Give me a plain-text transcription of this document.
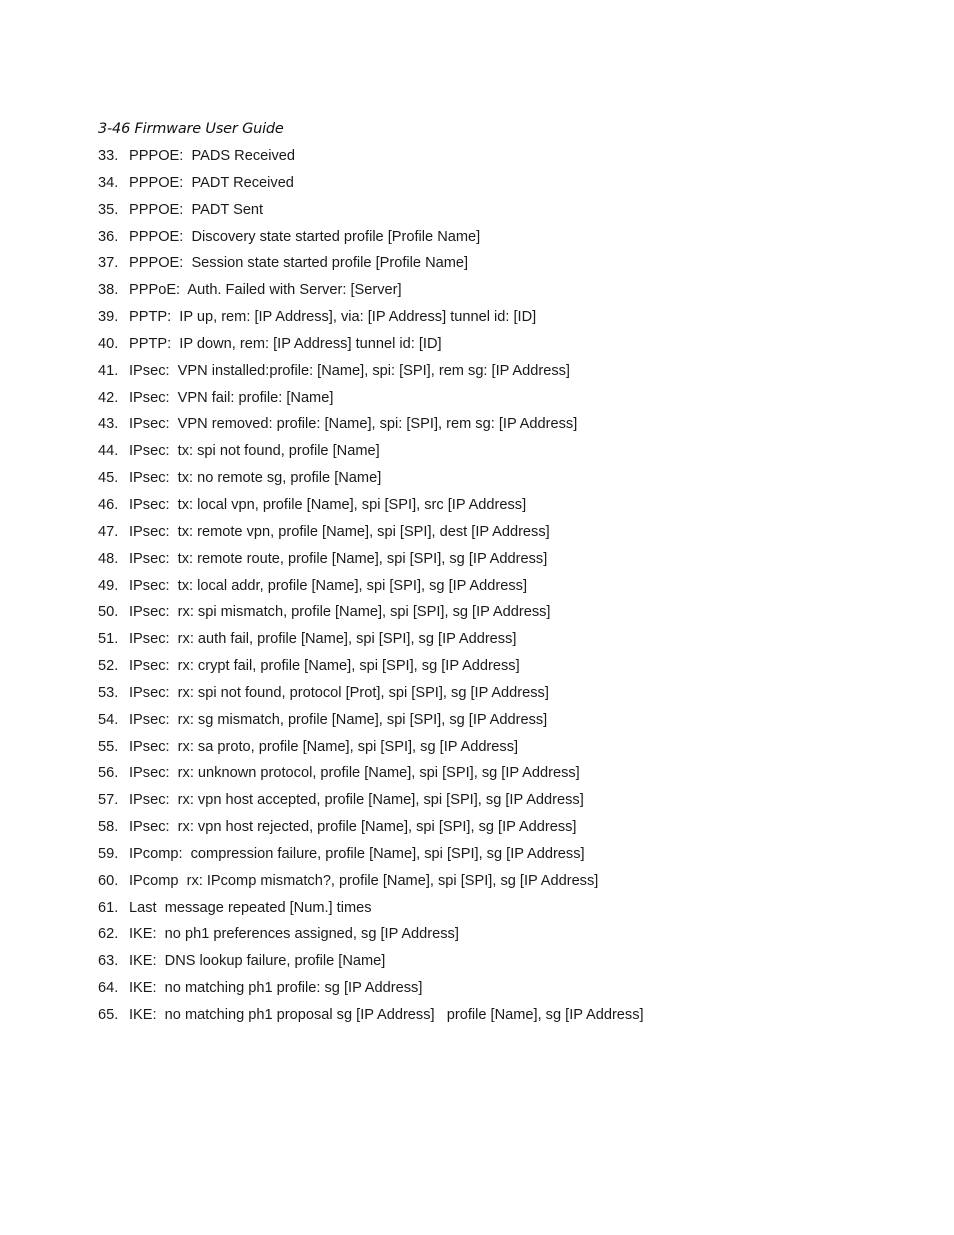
3-46 Firmware User Guide
33. PPPOE:  PADS Received
34. PPPOE:  PADT Received
35. PPPOE:  PADT Sent
36. PPPOE:  Discovery state started profile [Profile Name]
37. PPPOE:  Session state started profile [Profile Name]
38. PPPoE:  Auth. Failed with Server: [Server]
39. PPTP:  IP up, rem: [IP Address], via: [IP Address] tunnel id: [ID]
40. PPTP:  IP down, rem: [IP Address] tunnel id: [ID]
41. IPsec:  VPN installed:profile: [Name], spi: [SPI], rem sg: [IP Address]
42. IPsec:  VPN fail: profile: [Name]
43. IPsec:  VPN removed: profile: [Name], spi: [SPI], rem sg: [IP Address]
44. IPsec:  tx: spi not found, profile [Name]
45. IPsec:  tx: no remote sg, profile [Name]
46. IPsec:  tx: local vpn, profile [Name], spi [SPI], src [IP Address]
47. IPsec:  tx: remote vpn, profile [Name], spi [SPI], dest [IP Address]
48. IPsec:  tx: remote route, profile [Name], spi [SPI], sg [IP Address]
49. IPsec:  tx: local addr, profile [Name], spi [SPI], sg [IP Address]
50. IPsec:  rx: spi mismatch, profile [Name], spi [SPI], sg [IP Address]
51. IPsec:  rx: auth fail, profile [Name], spi [SPI], sg [IP Address]
52. IPsec:  rx: crypt fail, profile [Name], spi [SPI], sg [IP Address]
53. IPsec:  rx: spi not found, protocol [Prot], spi [SPI], sg [IP Address]
54. IPsec:  rx: sg mismatch, profile [Name], spi [SPI], sg [IP Address]
55. IPsec:  rx: sa proto, profile [Name], spi [SPI], sg [IP Address]
56. IPsec:  rx: unknown protocol, profile [Name], spi [SPI], sg [IP Address]
57. IPsec:  rx: vpn host accepted, profile [Name], spi [SPI], sg [IP Address]
58. IPsec:  rx: vpn host rejected, profile [Name], spi [SPI], sg [IP Address]
59. IPcomp:  compression failure, profile [Name], spi [SPI], sg [IP Address]
60. IPcomp  rx: IPcomp mismatch?, profile [Name], spi [SPI], sg [IP Address]
61. Last  message repeated [Num.] times
62. IKE:  no ph1 preferences assigned, sg [IP Address]
63. IKE:  DNS lookup failure, profile [Name]
64. IKE:  no matching ph1 profile: sg [IP Address]
65. IKE:  no matching ph1 proposal sg [IP Address]   profile [Name], sg [IP Address]
